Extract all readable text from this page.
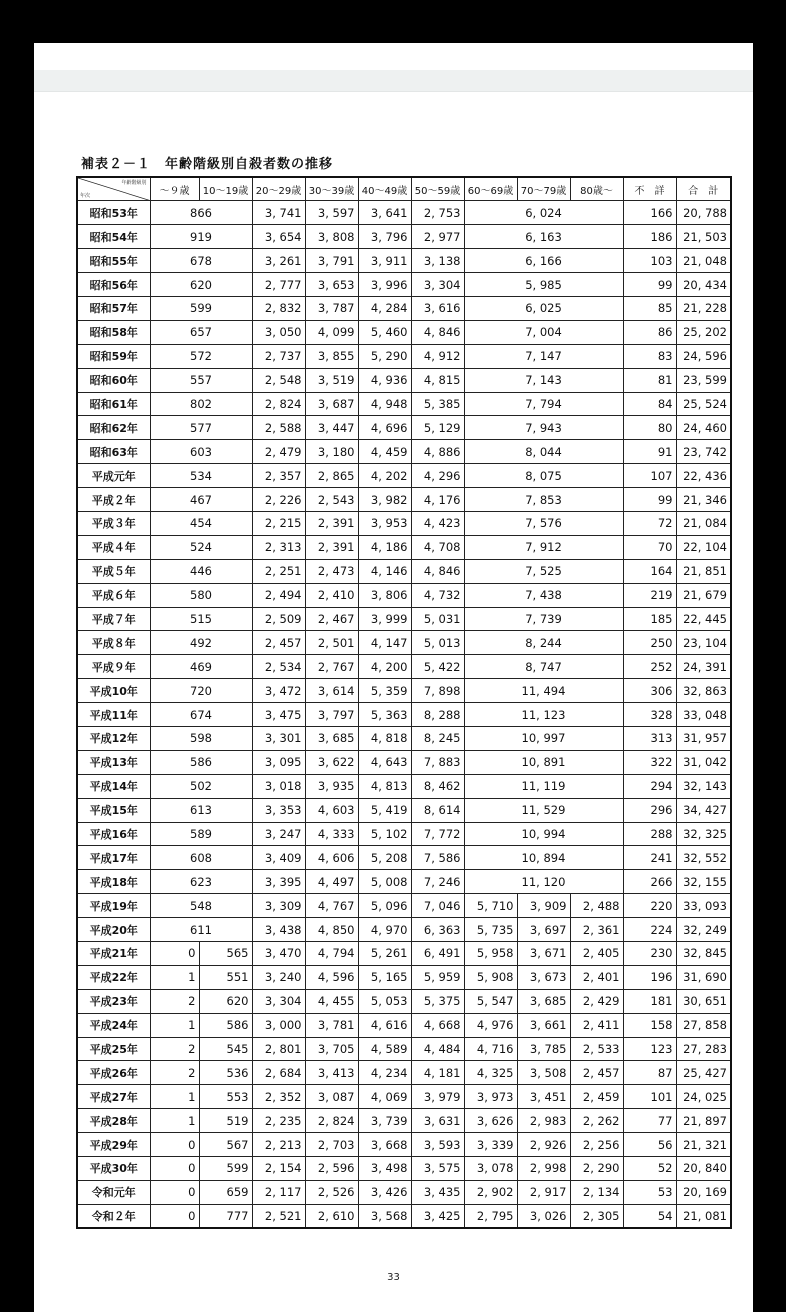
補表２－１　年齢階級別自殺者数の推移
年齢階級別
年次	～９歳	10～19歳	20～29歳	30～39歳	40～49歳	50～59歳	60～69歳	70～79歳	80歳～	不　詳	合　計
昭和53年	866		3, 741	3, 597	3, 641	2, 753	6, 024			166	20, 788
昭和54年	919		3, 654	3, 808	3, 796	2, 977	6, 163			186	21, 503
昭和55年	678		3, 261	3, 791	3, 911	3, 138	6, 166			103	21, 048
昭和56年	620		2, 777	3, 653	3, 996	3, 304	5, 985			99	20, 434
昭和57年	599		2, 832	3, 787	4, 284	3, 616	6, 025			85	21, 228
昭和58年	657		3, 050	4, 099	5, 460	4, 846	7, 004			86	25, 202
昭和59年	572		2, 737	3, 855	5, 290	4, 912	7, 147			83	24, 596
昭和60年	557		2, 548	3, 519	4, 936	4, 815	7, 143			81	23, 599
昭和61年	802		2, 824	3, 687	4, 948	5, 385	7, 794			84	25, 524
昭和62年	577		2, 588	3, 447	4, 696	5, 129	7, 943			80	24, 460
昭和63年	603		2, 479	3, 180	4, 459	4, 886	8, 044			91	23, 742
平成元年	534		2, 357	2, 865	4, 202	4, 296	8, 075			107	22, 436
平成２年	467		2, 226	2, 543	3, 982	4, 176	7, 853			99	21, 346
平成３年	454		2, 215	2, 391	3, 953	4, 423	7, 576			72	21, 084
平成４年	524		2, 313	2, 391	4, 186	4, 708	7, 912			70	22, 104
平成５年	446		2, 251	2, 473	4, 146	4, 846	7, 525			164	21, 851
平成６年	580		2, 494	2, 410	3, 806	4, 732	7, 438			219	21, 679
平成７年	515		2, 509	2, 467	3, 999	5, 031	7, 739			185	22, 445
平成８年	492		2, 457	2, 501	4, 147	5, 013	8, 244			250	23, 104
平成９年	469		2, 534	2, 767	4, 200	5, 422	8, 747			252	24, 391
平成10年	720		3, 472	3, 614	5, 359	7, 898	11, 494			306	32, 863
平成11年	674		3, 475	3, 797	5, 363	8, 288	11, 123			328	33, 048
平成12年	598		3, 301	3, 685	4, 818	8, 245	10, 997			313	31, 957
平成13年	586		3, 095	3, 622	4, 643	7, 883	10, 891			322	31, 042
平成14年	502		3, 018	3, 935	4, 813	8, 462	11, 119			294	32, 143
平成15年	613		3, 353	4, 603	5, 419	8, 614	11, 529			296	34, 427
平成16年	589		3, 247	4, 333	5, 102	7, 772	10, 994			288	32, 325
平成17年	608		3, 409	4, 606	5, 208	7, 586	10, 894			241	32, 552
平成18年	623		3, 395	4, 497	5, 008	7, 246	11, 120			266	32, 155
平成19年	548		3, 309	4, 767	5, 096	7, 046	5, 710	3, 909	2, 488	220	33, 093
平成20年	611		3, 438	4, 850	4, 970	6, 363	5, 735	3, 697	2, 361	224	32, 249
平成21年	0	565	3, 470	4, 794	5, 261	6, 491	5, 958	3, 671	2, 405	230	32, 845
平成22年	1	551	3, 240	4, 596	5, 165	5, 959	5, 908	3, 673	2, 401	196	31, 690
平成23年	2	620	3, 304	4, 455	5, 053	5, 375	5, 547	3, 685	2, 429	181	30, 651
平成24年	1	586	3, 000	3, 781	4, 616	4, 668	4, 976	3, 661	2, 411	158	27, 858
平成25年	2	545	2, 801	3, 705	4, 589	4, 484	4, 716	3, 785	2, 533	123	27, 283
平成26年	2	536	2, 684	3, 413	4, 234	4, 181	4, 325	3, 508	2, 457	87	25, 427
平成27年	1	553	2, 352	3, 087	4, 069	3, 979	3, 973	3, 451	2, 459	101	24, 025
平成28年	1	519	2, 235	2, 824	3, 739	3, 631	3, 626	2, 983	2, 262	77	21, 897
平成29年	0	567	2, 213	2, 703	3, 668	3, 593	3, 339	2, 926	2, 256	56	21, 321
平成30年	0	599	2, 154	2, 596	3, 498	3, 575	3, 078	2, 998	2, 290	52	20, 840
令和元年	0	659	2, 117	2, 526	3, 426	3, 435	2, 902	2, 917	2, 134	53	20, 169
令和２年	0	777	2, 521	2, 610	3, 568	3, 425	2, 795	3, 026	2, 305	54	21, 081
33
